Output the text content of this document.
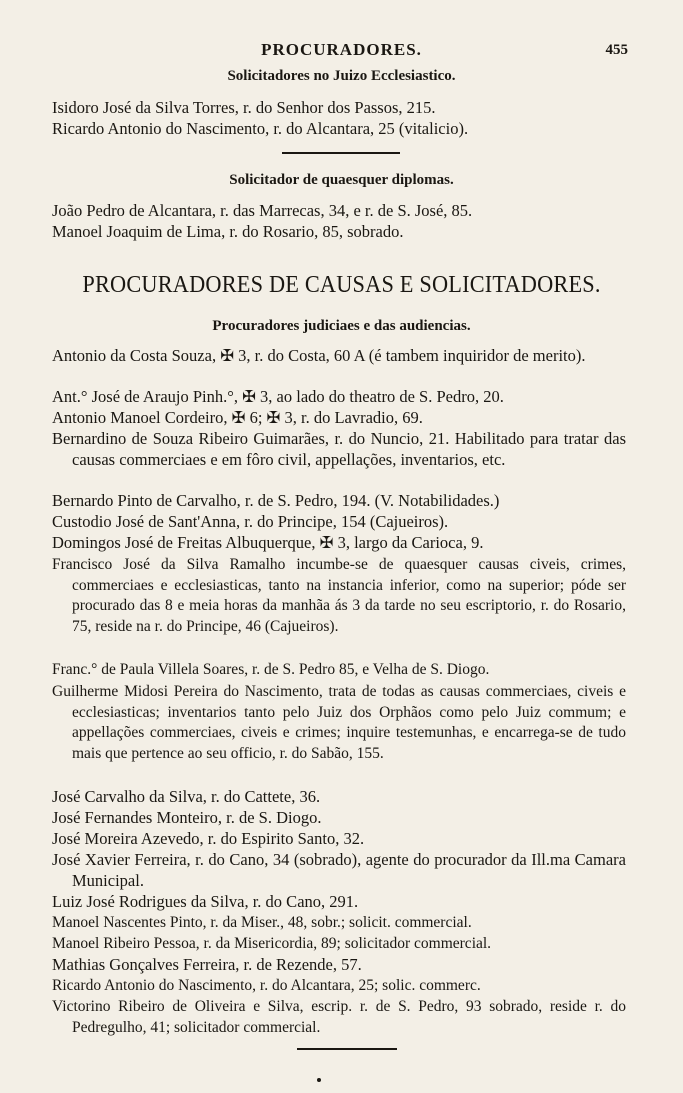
PROCURADORES.	455
Solicitadores no Juizo Ecclesiastico.
Isidoro José da Silva Torres, r. do Senhor dos Passos, 215.
Ricardo Antonio do Nascimento, r. do Alcantara, 25 (vitalicio).
Solicitador de quaesquer diplomas.
João Pedro de Alcantara, r. das Marrecas, 34, e r. de S. José, 85.
Manoel Joaquim de Lima, r. do Rosario, 85, sobrado.
PROCURADORES DE CAUSAS E SOLICITADORES.
Procuradores judiciaes e das audiencias.
Antonio da Costa Souza, ✠ 3, r. do Costa, 60 A (é tambem inquiridor de merito).
Ant.° José de Araujo Pinh.°, ✠ 3, ao lado do theatro de S. Pedro, 20.
Antonio Manoel Cordeiro, ✠ 6; ✠ 3, r. do Lavradio, 69.
Bernardino de Souza Ribeiro Guimarães, r. do Nuncio, 21. Habilitado para tratar das causas commerciaes e em fôro civil, appellações, inventarios, etc.
Bernardo Pinto de Carvalho, r. de S. Pedro, 194. (V. Notabilidades.)
Custodio José de Sant'Anna, r. do Principe, 154 (Cajueiros).
Domingos José de Freitas Albuquerque, ✠ 3, largo da Carioca, 9.
Francisco José da Silva Ramalho incumbe-se de quaesquer causas civeis, crimes, commerciaes e ecclesiasticas, tanto na instancia inferior, como na superior; póde ser procurado das 8 e meia horas da manhãa ás 3 da tarde no seu escriptorio, r. do Rosario, 75, reside na r. do Principe, 46 (Cajueiros).
Franc.° de Paula Villela Soares, r. de S. Pedro 85, e Velha de S. Diogo.
Guilherme Midosi Pereira do Nascimento, trata de todas as causas commerciaes, civeis e ecclesiasticas; inventarios tanto pelo Juiz dos Orphãos como pelo Juiz commum; e appellações commerciaes, civeis e crimes; inquire testemunhas, e encarrega-se de tudo mais que pertence ao seu officio, r. do Sabão, 155.
José Carvalho da Silva, r. do Cattete, 36.
José Fernandes Monteiro, r. de S. Diogo.
José Moreira Azevedo, r. do Espirito Santo, 32.
José Xavier Ferreira, r. do Cano, 34 (sobrado), agente do procurador da Ill.ma Camara Municipal.
Luiz José Rodrigues da Silva, r. do Cano, 291.
Manoel Nascentes Pinto, r. da Miser., 48, sobr.; solicit. commercial.
Manoel Ribeiro Pessoa, r. da Misericordia, 89; solicitador commercial.
Mathias Gonçalves Ferreira, r. de Rezende, 57.
Ricardo Antonio do Nascimento, r. do Alcantara, 25; solic. commerc.
Victorino Ribeiro de Oliveira e Silva, escrip. r. de S. Pedro, 93 sobrado, reside r. do Pedregulho, 41; solicitador commercial.
